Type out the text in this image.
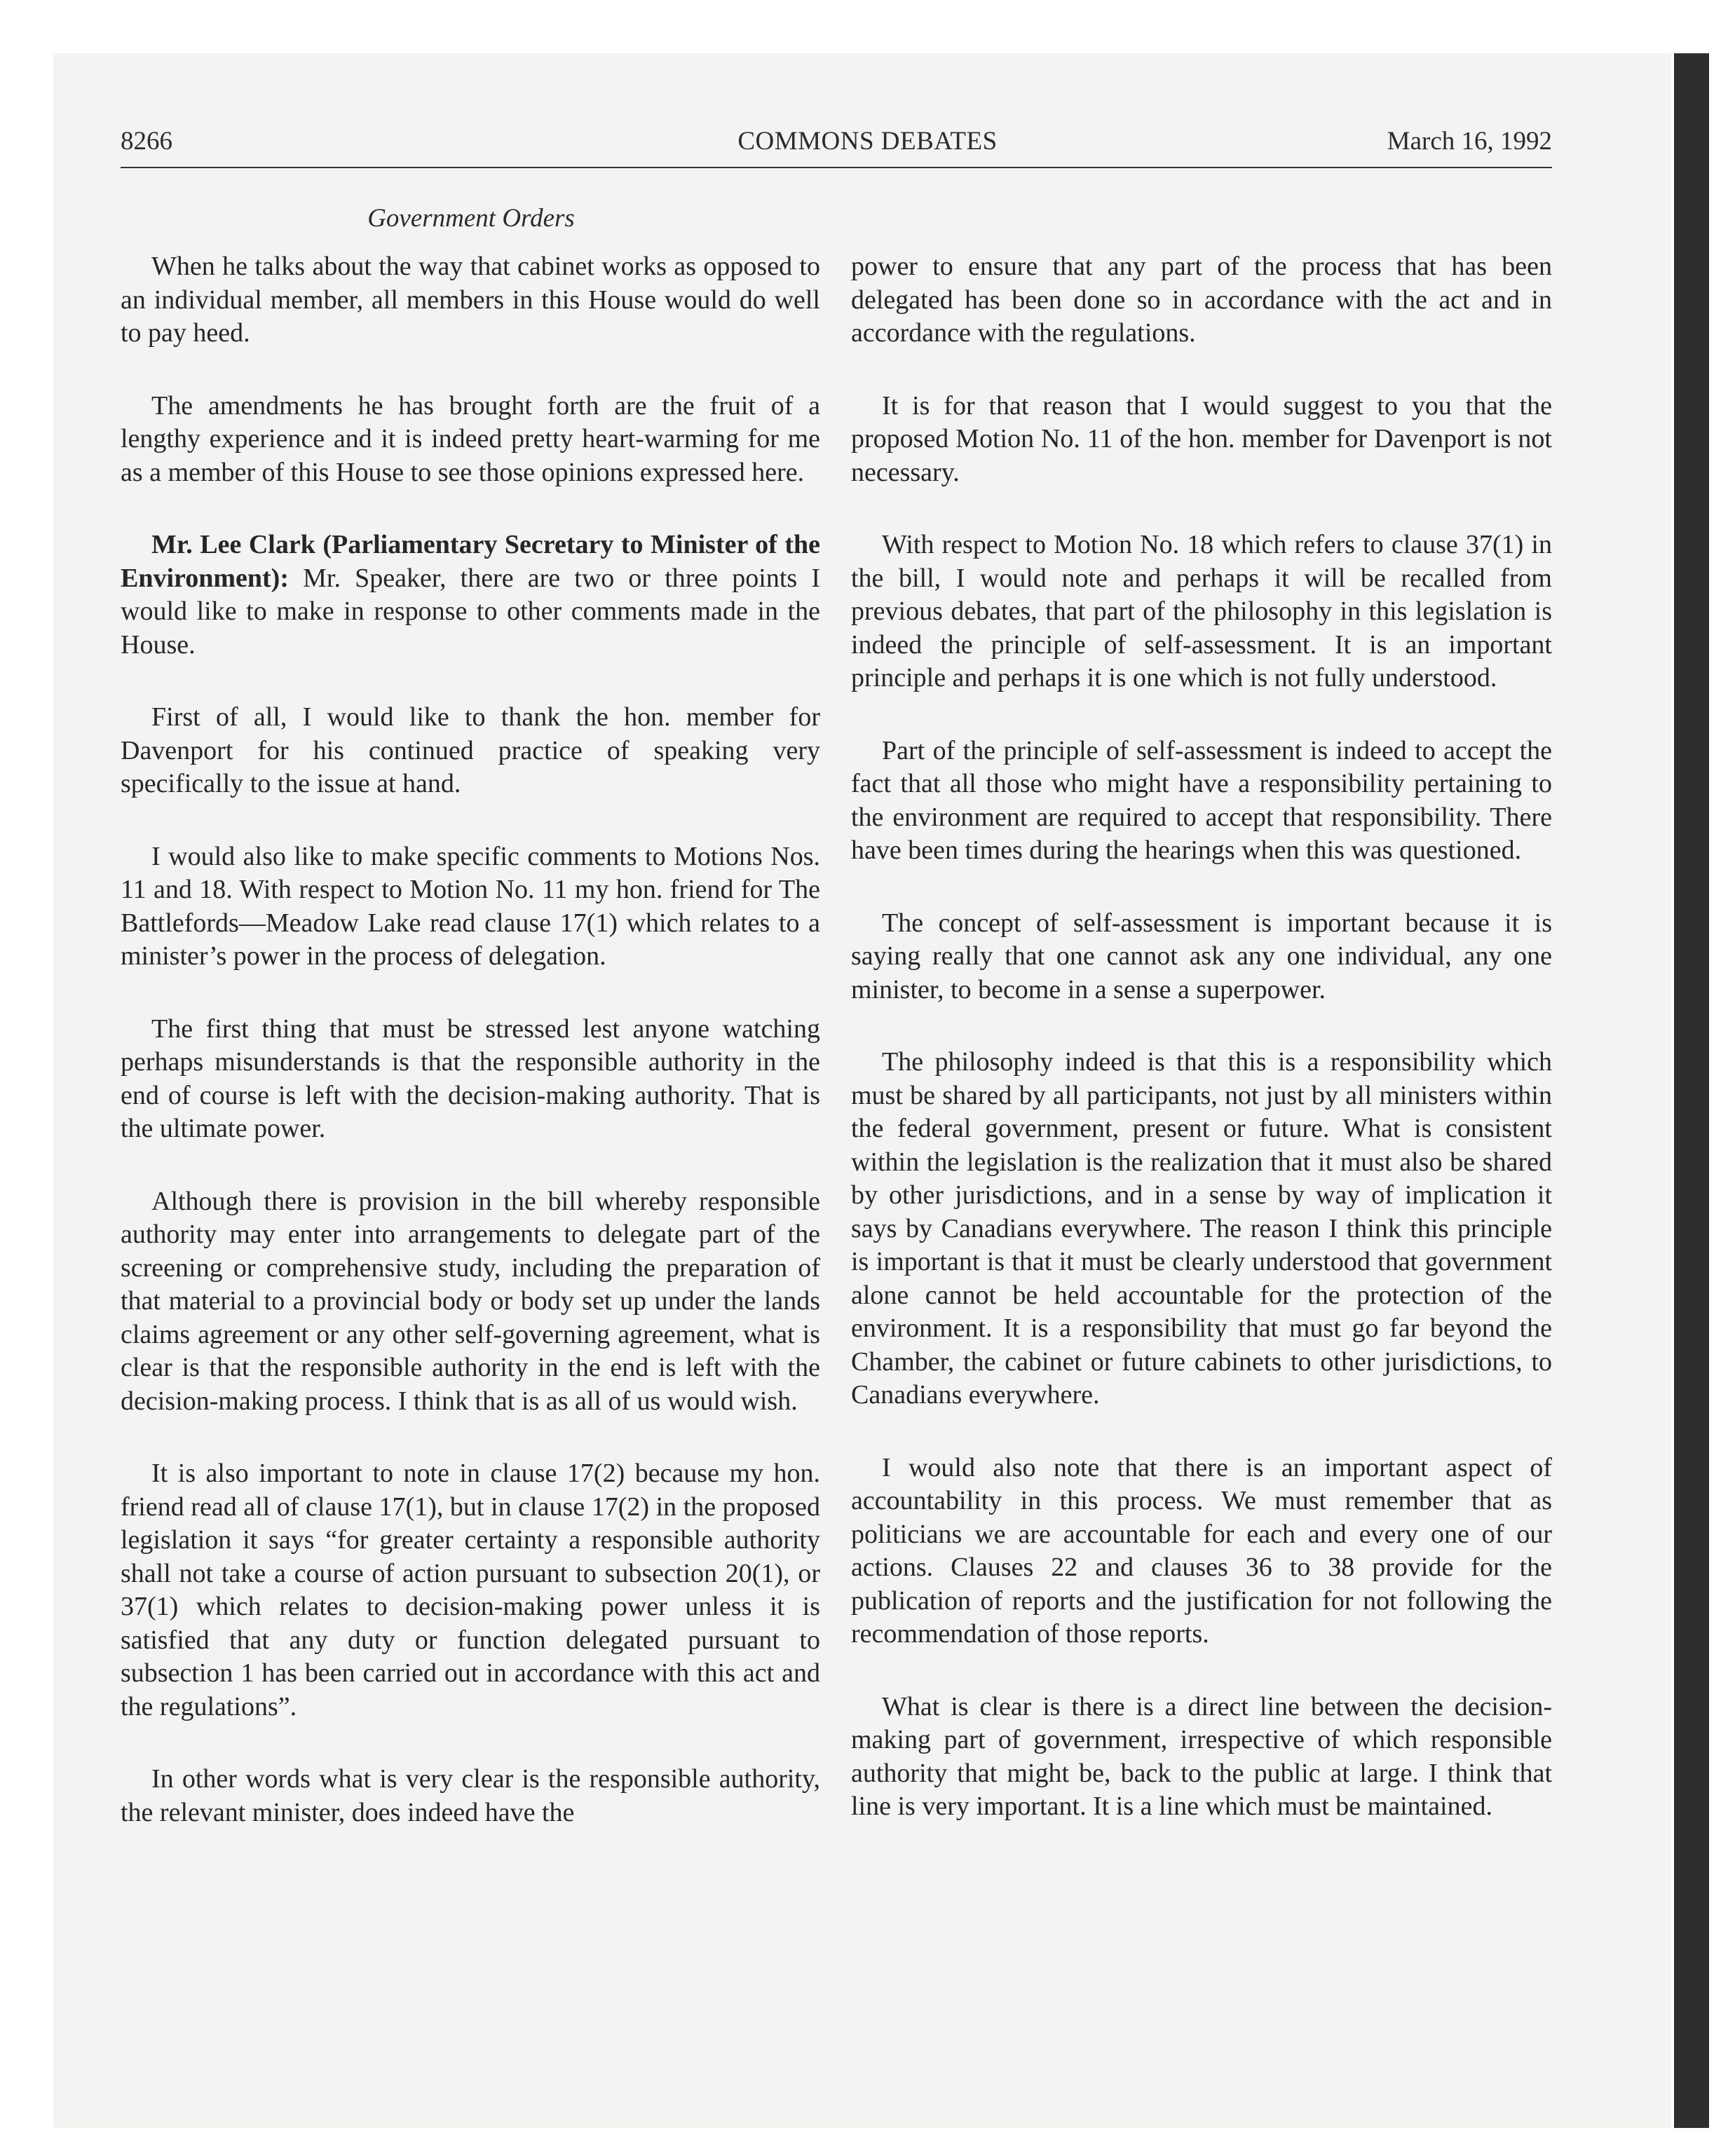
8266	COMMONS DEBATES	March 16, 1992
Government Orders

When he talks about the way that cabinet works as opposed to an individual member, all members in this House would do well to pay heed.

The amendments he has brought forth are the fruit of a lengthy experience and it is indeed pretty heart-warming for me as a member of this House to see those opinions expressed here.

Mr. Lee Clark (Parliamentary Secretary to Minister of the Environment): Mr. Speaker, there are two or three points I would like to make in response to other comments made in the House.

First of all, I would like to thank the hon. member for Davenport for his continued practice of speaking very specifically to the issue at hand.

I would also like to make specific comments to Motions Nos. 11 and 18. With respect to Motion No. 11 my hon. friend for The Battlefords—Meadow Lake read clause 17(1) which relates to a minister’s power in the process of delegation.

The first thing that must be stressed lest anyone watching perhaps misunderstands is that the responsible authority in the end of course is left with the decision-making authority. That is the ultimate power.

Although there is provision in the bill whereby responsible authority may enter into arrangements to delegate part of the screening or comprehensive study, including the preparation of that material to a provincial body or body set up under the lands claims agreement or any other self-governing agreement, what is clear is that the responsible authority in the end is left with the decision-making process. I think that is as all of us would wish.

It is also important to note in clause 17(2) because my hon. friend read all of clause 17(1), but in clause 17(2) in the proposed legislation it says “for greater certainty a responsible authority shall not take a course of action pursuant to subsection 20(1), or 37(1) which relates to decision-making power unless it is satisfied that any duty or function delegated pursuant to subsection 1 has been carried out in accordance with this act and the regulations”.

In other words what is very clear is the responsible authority, the relevant minister, does indeed have the

power to ensure that any part of the process that has been delegated has been done so in accordance with the act and in accordance with the regulations.

It is for that reason that I would suggest to you that the proposed Motion No. 11 of the hon. member for Davenport is not necessary.

With respect to Motion No. 18 which refers to clause 37(1) in the bill, I would note and perhaps it will be recalled from previous debates, that part of the philosophy in this legislation is indeed the principle of self-assessment. It is an important principle and perhaps it is one which is not fully understood.

Part of the principle of self-assessment is indeed to accept the fact that all those who might have a responsibility pertaining to the environment are required to accept that responsibility. There have been times during the hearings when this was questioned.

The concept of self-assessment is important because it is saying really that one cannot ask any one individual, any one minister, to become in a sense a superpower.

The philosophy indeed is that this is a responsibility which must be shared by all participants, not just by all ministers within the federal government, present or future. What is consistent within the legislation is the realization that it must also be shared by other jurisdictions, and in a sense by way of implication it says by Canadians everywhere. The reason I think this principle is important is that it must be clearly understood that government alone cannot be held accountable for the protection of the environment. It is a responsibility that must go far beyond the Chamber, the cabinet or future cabinets to other jurisdictions, to Canadians everywhere.

I would also note that there is an important aspect of accountability in this process. We must remember that as politicians we are accountable for each and every one of our actions. Clauses 22 and clauses 36 to 38 provide for the publication of reports and the justification for not following the recommendation of those reports.

What is clear is there is a direct line between the decision-making part of government, irrespective of which responsible authority that might be, back to the public at large. I think that line is very important. It is a line which must be maintained.
